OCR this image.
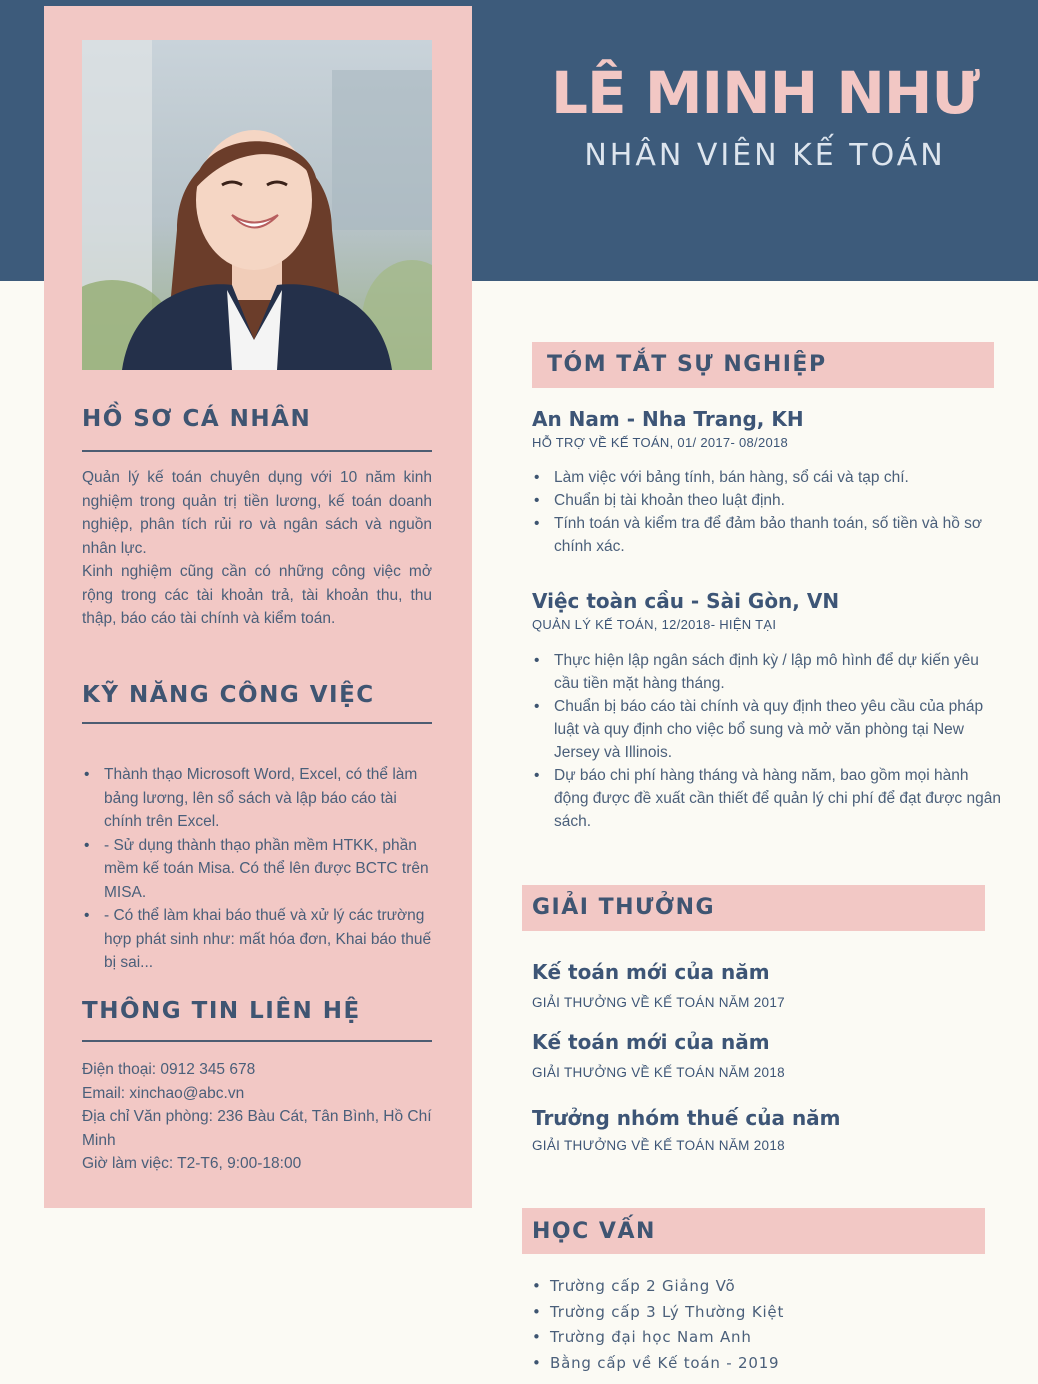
LÊ MINH NHƯ
NHÂN VIÊN KẾ TOÁN
HỒ SƠ CÁ NHÂN

Quản lý kế toán chuyên dụng với 10 năm kinh nghiệm trong quản trị tiền lương, kế toán doanh nghiệp, phân tích rủi ro và ngân sách và nguồn nhân lực.

Kinh nghiệm cũng cần có những công việc mở rộng trong các tài khoản trả, tài khoản thu, thu thập, báo cáo tài chính và kiểm toán.

KỸ NĂNG CÔNG VIỆC
• Thành thạo Microsoft Word, Excel, có thể làm bảng lương, lên sổ sách và lập báo cáo tài chính trên Excel.
• - Sử dụng thành thạo phần mềm HTKK, phần mềm kế toán Misa. Có thể lên được BCTC trên MISA.
• - Có thể làm khai báo thuế và xử lý các trường hợp phát sinh như: mất hóa đơn, Khai báo thuế bị sai...
THÔNG TIN LIÊN HỆ
Điện thoại: 0912 345 678
Email: xinchao@abc.vn
Địa chỉ Văn phòng: 236 Bàu Cát, Tân Bình, Hồ Chí Minh
Giờ làm việc: T2-T6, 9:00-18:00
TÓM TẮT SỰ NGHIỆP
An Nam - Nha Trang, KH
HỖ TRỢ VỀ KẾ TOÁN, 01/ 2017- 08/2018
• Làm việc với bảng tính, bán hàng, sổ cái và tạp chí.
• Chuẩn bị tài khoản theo luật định.
• Tính toán và kiểm tra để đảm bảo thanh toán, số tiền và hồ sơ chính xác.
Việc toàn cầu - Sài Gòn, VN
QUẢN LÝ KẾ TOÁN, 12/2018- HIỆN TẠI
• Thực hiện lập ngân sách định kỳ / lập mô hình để dự kiến yêu cầu tiền mặt hàng tháng.
• Chuẩn bị báo cáo tài chính và quy định theo yêu cầu của pháp luật và quy định cho việc bổ sung và mở văn phòng tại New Jersey và Illinois.
• Dự báo chi phí hàng tháng và hàng năm, bao gồm mọi hành động được đề xuất cần thiết để quản lý chi phí để đạt được ngân sách.
GIẢI THƯỞNG
Kế toán mới của năm
GIẢI THƯỞNG VỀ KẾ TOÁN NĂM 2017
Kế toán mới của năm
GIẢI THƯỞNG VỀ KẾ TOÁN NĂM 2018
Trưởng nhóm thuế của năm
GIẢI THƯỞNG VỀ KẾ TOÁN NĂM 2018
HỌC VẤN
• Trường cấp 2 Giảng Võ
• Trường cấp 3 Lý Thường Kiệt
• Trường đại học Nam Anh
• Bằng cấp về Kế toán - 2019
